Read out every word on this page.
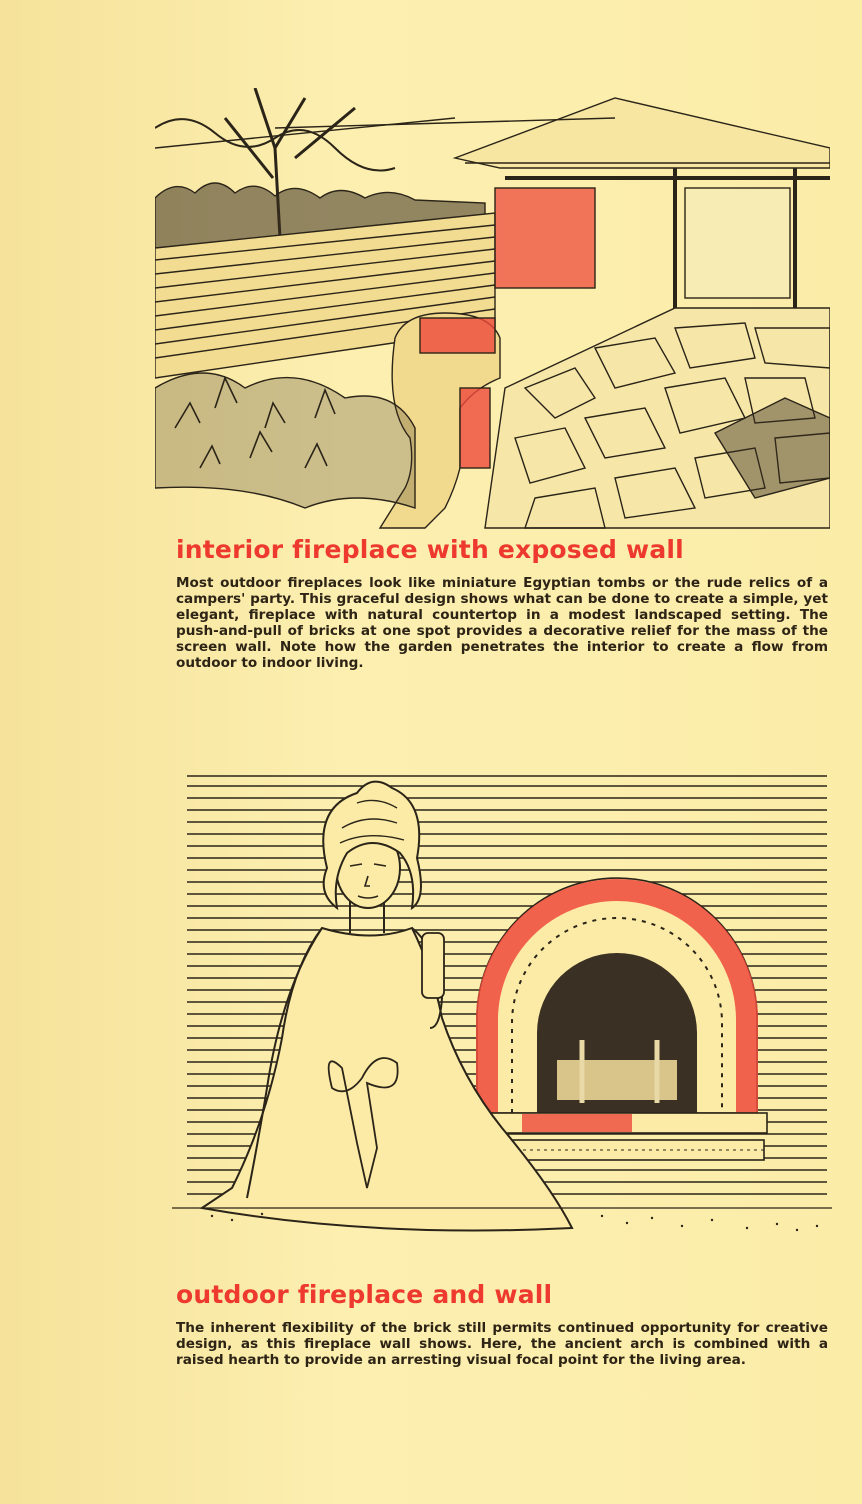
interior fireplace with exposed wall

Most outdoor fireplaces look like miniature Egyptian tombs or the rude relics of a campers' party. This graceful design shows what can be done to create a simple, yet elegant, fireplace with natural countertop in a modest landscaped setting. The push-and-pull of bricks at one spot provides a decorative relief for the mass of the screen wall. Note how the garden penetrates the interior to create a flow from outdoor to indoor living.

outdoor fireplace and wall

The inherent flexibility of the brick still permits continued opportunity for creative design, as this fireplace wall shows. Here, the ancient arch is combined with a raised hearth to provide an arresting visual focal point for the living area.
